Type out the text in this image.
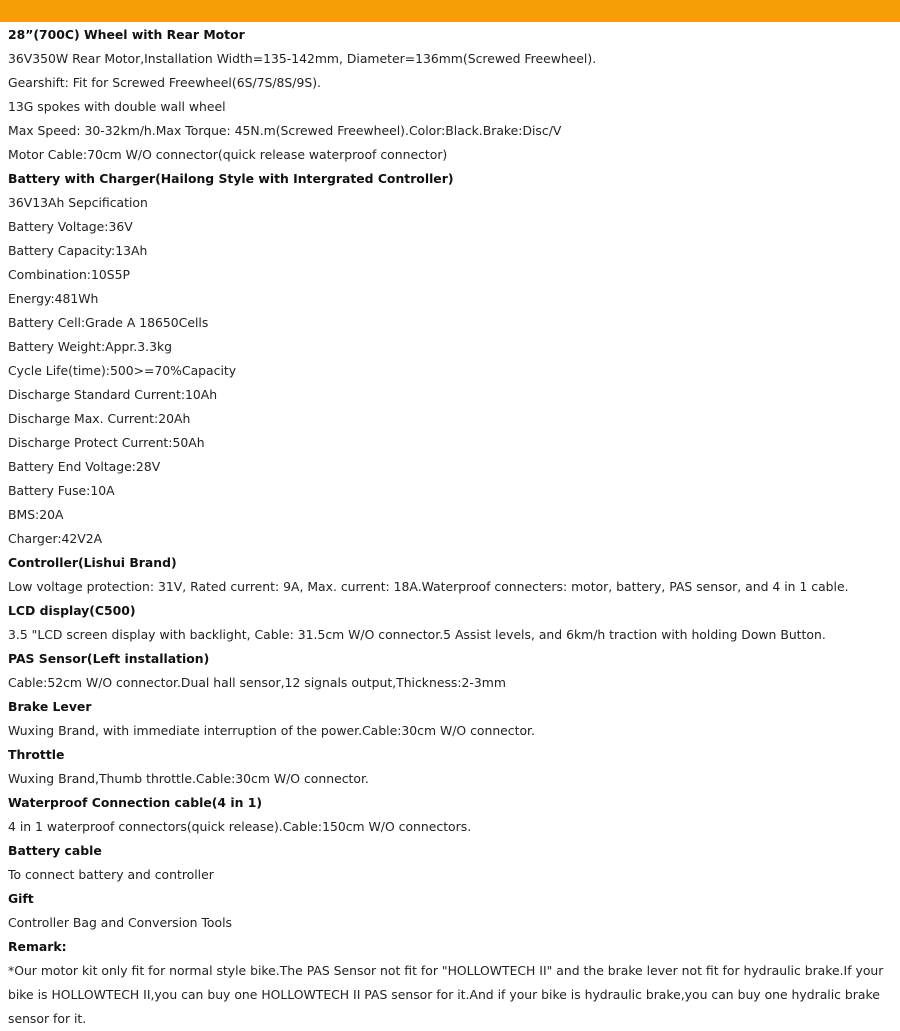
28”(700C) Wheel with Rear Motor
36V350W Rear Motor,Installation Width=135-142mm, Diameter=136mm(Screwed Freewheel).
Gearshift: Fit for Screwed Freewheel(6S/7S/8S/9S).
13G spokes with double wall wheel
Max Speed: 30-32km/h.Max Torque: 45N.m(Screwed Freewheel).Color:Black.Brake:Disc/V
Motor Cable:70cm W/O connector(quick release waterproof connector)
Battery with Charger(Hailong Style with Intergrated Controller)
36V13Ah Sepcification
Battery Voltage:36V
Battery Capacity:13Ah
Combination:10S5P
Energy:481Wh
Battery Cell:Grade A 18650Cells
Battery Weight:Appr.3.3kg
Cycle Life(time):500>=70%Capacity
Discharge Standard Current:10Ah
Discharge Max. Current:20Ah
Discharge Protect Current:50Ah
Battery End Voltage:28V
Battery Fuse:10A
BMS:20A
Charger:42V2A
Controller(Lishui Brand)
Low voltage protection: 31V, Rated current: 9A, Max. current: 18A.Waterproof connecters: motor, battery, PAS sensor, and 4 in 1 cable.
LCD display(C500)
3.5 "LCD screen display with backlight, Cable: 31.5cm W/O connector.5 Assist levels, and 6km/h traction with holding Down Button.
PAS Sensor(Left installation)
Cable:52cm W/O connector.Dual hall sensor,12 signals output,Thickness:2-3mm
Brake Lever
Wuxing Brand, with immediate interruption of the power.Cable:30cm W/O connector.
Throttle
Wuxing Brand,Thumb throttle.Cable:30cm W/O connector.
Waterproof Connection cable(4 in 1)
4 in 1 waterproof connectors(quick release).Cable:150cm W/O connectors.
Battery cable
To connect battery and controller
Gift
Controller Bag and Conversion Tools
Remark:
*Our motor kit only fit for normal style bike.The PAS Sensor not fit for "HOLLOWTECH II" and the brake lever not fit for hydraulic brake.If your bike is HOLLOWTECH II,you can buy one HOLLOWTECH II PAS sensor for it.And if your bike is hydraulic brake,you can buy one hydralic brake sensor for it.
